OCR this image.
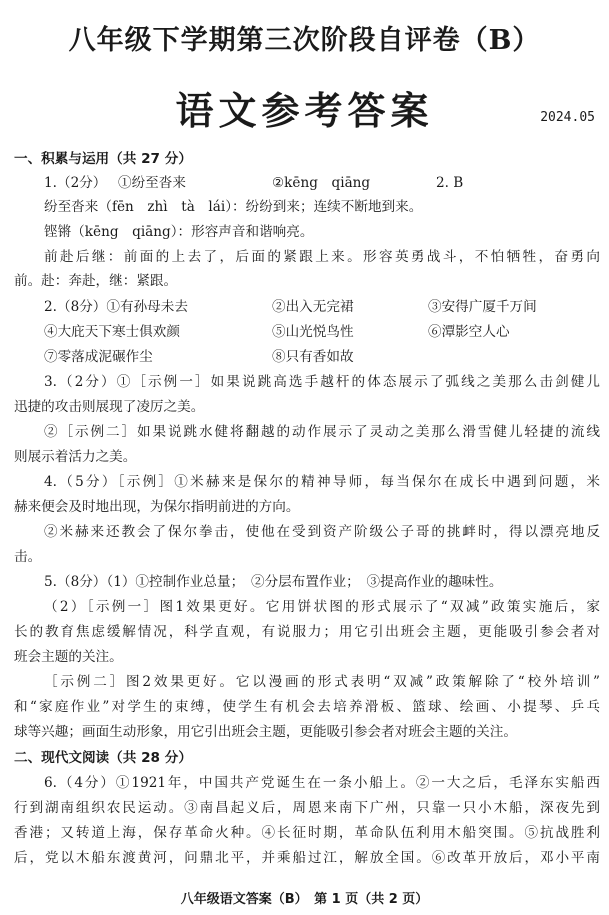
八年级下学期第三次阶段自评卷（B）
语文参考答案	2024.05
一、积累与运用（共 27 分）
1.（2分） ①纷至沓来	②kēng　qiāng	2. B
纷至沓来（fēn　zhì　tà　lái）：纷纷到来；连续不断地到来。
铿锵（kēng　qiāng）：形容声音和谐响亮。
前赴后继：前面的上去了，后面的紧跟上来。形容英勇战斗，不怕牺牲，奋勇向
前。赴：奔赴，继：紧跟。
2.（8分）①有孙母未去	②出入无完裙	③安得广厦千万间
④大庇天下寒士俱欢颜	⑤山光悦鸟性	⑥潭影空人心
⑦零落成泥碾作尘	⑧只有香如故
3.（2分）①［示例一］如果说跳高选手越杆的体态展示了弧线之美那么击剑健儿
迅捷的攻击则展现了凌厉之美。
②［示例二］如果说跳水健将翻越的动作展示了灵动之美那么滑雪健儿轻捷的流线
则展示着活力之美。
4.（5分）［示例］①米赫来是保尔的精神导师，每当保尔在成长中遇到问题，米
赫来便会及时地出现，为保尔指明前进的方向。
②米赫来还教会了保尔拳击，使他在受到资产阶级公子哥的挑衅时，得以漂亮地反
击。
5.（8分）（1）①控制作业总量；　②分层布置作业；　③提高作业的趣味性。
（2）［示例一］图1效果更好。它用饼状图的形式展示了“双减”政策实施后，家
长的教育焦虑缓解情况，科学直观，有说服力；用它引出班会主题，更能吸引参会者对
班会主题的关注。
［示例二］图2效果更好。它以漫画的形式表明“双减”政策解除了“校外培训”
和“家庭作业”对学生的束缚，使学生有机会去培养滑板、篮球、绘画、小提琴、乒乓
球等兴趣；画面生动形象，用它引出班会主题，更能吸引参会者对班会主题的关注。
二、现代文阅读（共 28 分）
6.（4分）①1921年，中国共产党诞生在一条小船上。②一大之后，毛泽东实船西
行到湖南组织农民运动。③南昌起义后，周恩来南下广州，只靠一只小木船，深夜先到
香港；又转道上海，保存革命火种。④长征时期，革命队伍利用木船突围。⑤抗战胜利
后，党以木船东渡黄河，问鼎北平，并乘船过江，解放全国。⑥改革开放后，邓小平南
八年级语文答案（B）　第 1 页（共 2 页）
